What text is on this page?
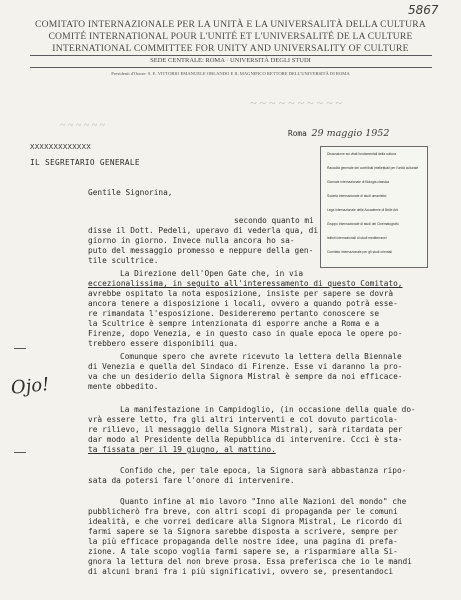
5867
COMITATO INTERNAZIONALE PER LA UNITÀ E LA UNIVERSALITÀ DELLA CULTURA
COMITÉ INTERNATIONAL POUR L'UNITÉ ET L'UNIVERSALITÉ DE LA CULTURE
INTERNATIONAL COMMITTEE FOR UNITY AND UNIVERSALITY OF CULTURE
SEDE CENTRALE: ROMA · UNIVERSITÀ DEGLI STUDI
Presidenti d'Onore: S. E. VITTORIO EMANUELE ORLANDO E IL MAGNIFICO RETTORE DELL'UNIVERSITÀ DI ROMA
~ ~ ~ ~ ~ ~ ~ ~ ~ ~
~ ~ ~ ~ ~ ~
Roma 29 maggio 1952
XXXXXXXXXXXXX
IL SEGRETARIO GENERALE
Gentile Signorina,
Discussione sui vitali fondamentali della cultura
Raccolta generale dei contributi intellettuali per l'unità culturale
Giornale internazionale di filologia classica
Società internazionale di studi umanistici
Lega internazionale delle Accademie di Belle Arti
Gruppo internazionale di studi del Cinematografo
Istituti internazionali di studi mediterranei
Comitato internazionale per gli studi orientali
secondo quanto mi
disse il Dott. Pedeli, uperavo di vederla qua, di
giorno in giorno. Invece nulla ancora ho sa-
puto del messaggio promesso e neppure della gen-
tile scultrice.
La Direzione dell'Open Gate che, in via
eccezionalissima, in seguito all'interessamento di questo Comitato,
avrebbe ospitato la nota esposizione, insiste per sapere se dovrà
ancora tenere a disposizione i locali, ovvero a quando potrà esse-
re rimandata l'esposizione. Desidereremo pertanto conoscere se
la Scultrice è sempre intenzionata di esporre anche a Roma e a
Firenze, dopo Venezia, e in questo caso in quale epoca le opere po-
trebbero essere disponibili qua.
Comunque spero che avrete ricevuto la lettera della Biennale
di Venezia e quella del Sindaco di Firenze. Esse vi daranno la pro-
va che un desiderio della Signora Mistral è sempre da noi efficace-
mente obbedito.
La manifestazione in Campidoglio, (in occasione della quale do-
vrà essere letto, fra gli altri interventi e col dovuto particola-
re rilievo, il messaggio della Signora Mistral), sarà ritardata per
dar modo al Presidente della Repubblica di intervenire. Ccci è sta-
ta fissata per il 19 giugno, al mattino.
Confido che, per tale epoca, la Signora sarà abbastanza ripo-
sata da potersi fare l'onore di intervenire.
Quanto infine al mio lavoro "Inno alle Nazioni del mondo" che
pubblicherò fra breve, con altri scopi di propaganda per le comuni
idealità, e che vorrei dedicare alla Signora Mistral, Le ricordo di
farmi sapere se la Signora sarebbe disposta a scrivere, sempre per
la più efficace propaganda delle nostre idee, una pagina di prefa-
zione. A tale scopo voglia farmi sapere se, a risparmiare alla Si-
gnora la lettura del non breve prosa. Essa preferisca che io le mandi
di alcuni brani fra i più significativi, ovvero se, presentandoci
Ojo!
